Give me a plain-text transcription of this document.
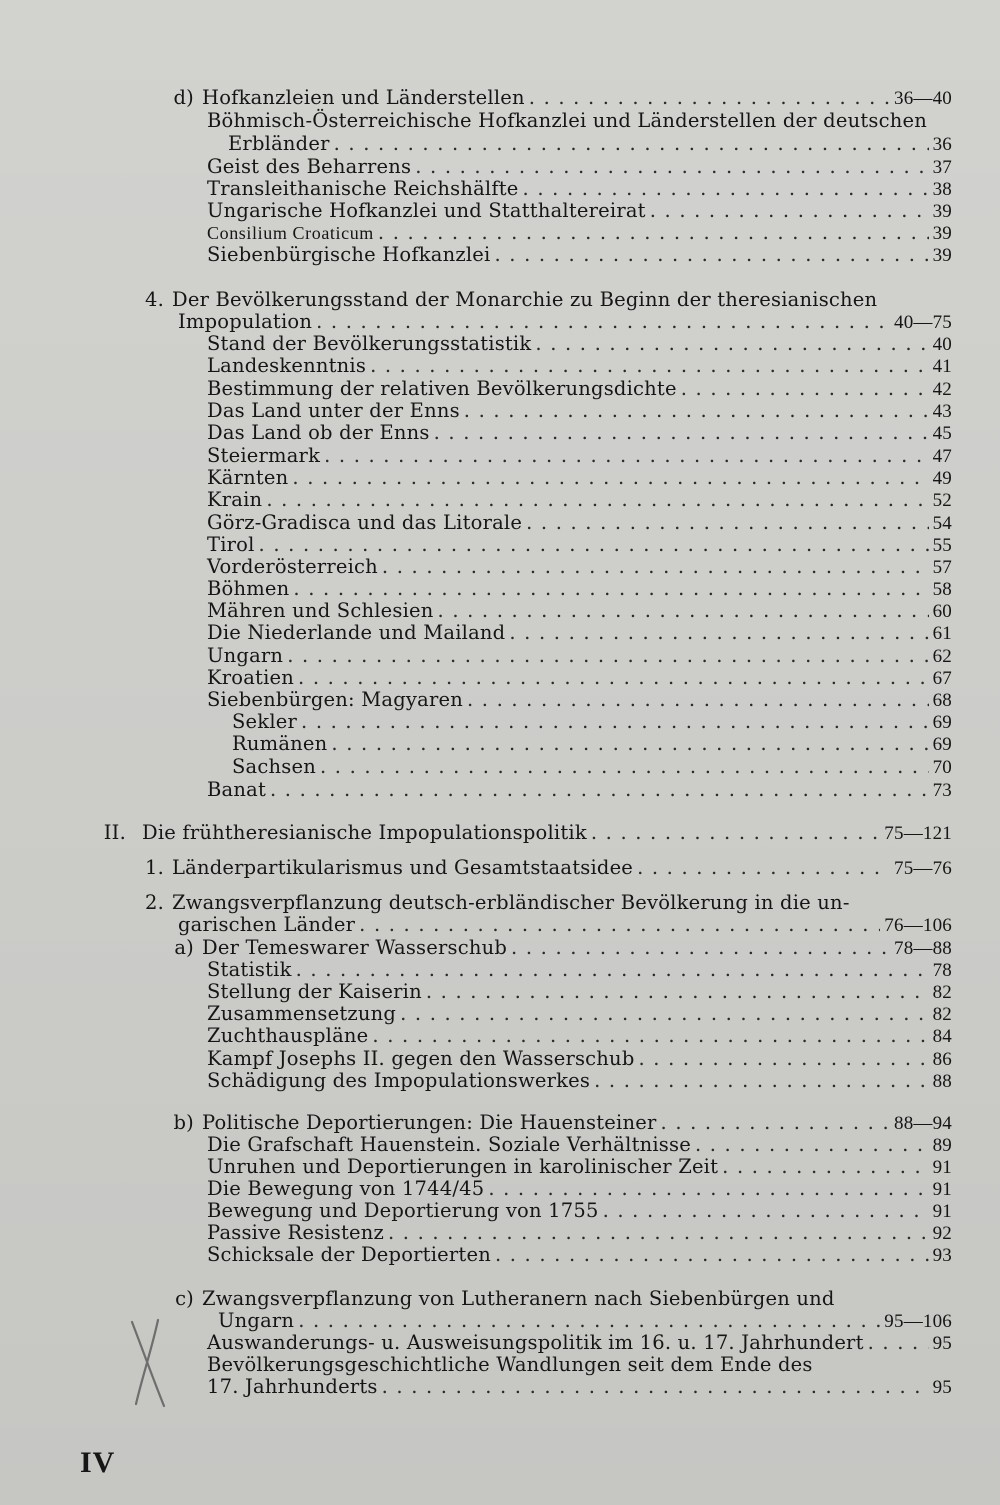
d) Hofkanzleien und Länderstellen . . .	36—40
Böhmisch-Österreichische Hofkanzlei und Länderstellen der deutschen
Erbländer . . .	36
Geist des Beharrens . . .	37
Transleithanische Reichshälfte . . .	38
Ungarische Hofkanzlei und Statthaltereirat . . .	39
Consilium Croaticum . . .	39
Siebenbürgische Hofkanzlei . . .	39
4. Der Bevölkerungsstand der Monarchie zu Beginn der theresianischen
Impopulation . . .	40—75
Stand der Bevölkerungsstatistik . . .	40
Landeskenntnis . . .	41
Bestimmung der relativen Bevölkerungsdichte . . .	42
Das Land unter der Enns . . .	43
Das Land ob der Enns . . .	45
Steiermark . . .	47
Kärnten . . .	49
Krain . . .	52
Görz-Gradisca und das Litorale . . .	54
Tirol . . .	55
Vorderösterreich . . .	57
Böhmen . . .	58
Mähren und Schlesien . . .	60
Die Niederlande und Mailand . . .	61
Ungarn . . .	62
Kroatien . . .	67
Siebenbürgen: Magyaren . . .	68
Sekler . . .	69
Rumänen . . .	69
Sachsen . . .	70
Banat . . .	73
II. Die frühtheresianische Impopulationspolitik . . .	75—121
1. Länderpartikularismus und Gesamtstaatsidee . . .	75—76
2. Zwangsverpflanzung deutsch-erbländischer Bevölkerung in die un-
garischen Länder . . .	76—106
a) Der Temeswarer Wasserschub . . .	78—88
Statistik . . .	78
Stellung der Kaiserin . . .	82
Zusammensetzung . . .	82
Zuchthauspläne . . .	84
Kampf Josephs II. gegen den Wasserschub . . .	86
Schädigung des Impopulationswerkes . . .	88
b) Politische Deportierungen: Die Hauensteiner . . .	88—94
Die Grafschaft Hauenstein. Soziale Verhältnisse . . .	89
Unruhen und Deportierungen in karolinischer Zeit . . .	91
Die Bewegung von 1744/45 . . .	91
Bewegung und Deportierung von 1755 . . .	91
Passive Resistenz . . .	92
Schicksale der Deportierten . . .	93
c) Zwangsverpflanzung von Lutheranern nach Siebenbürgen und
Ungarn . . .	95—106
Auswanderungs- u. Ausweisungspolitik im 16. u. 17. Jahrhundert . . .	95
Bevölkerungsgeschichtliche Wandlungen seit dem Ende des
17. Jahrhunderts . . .	95
IV
